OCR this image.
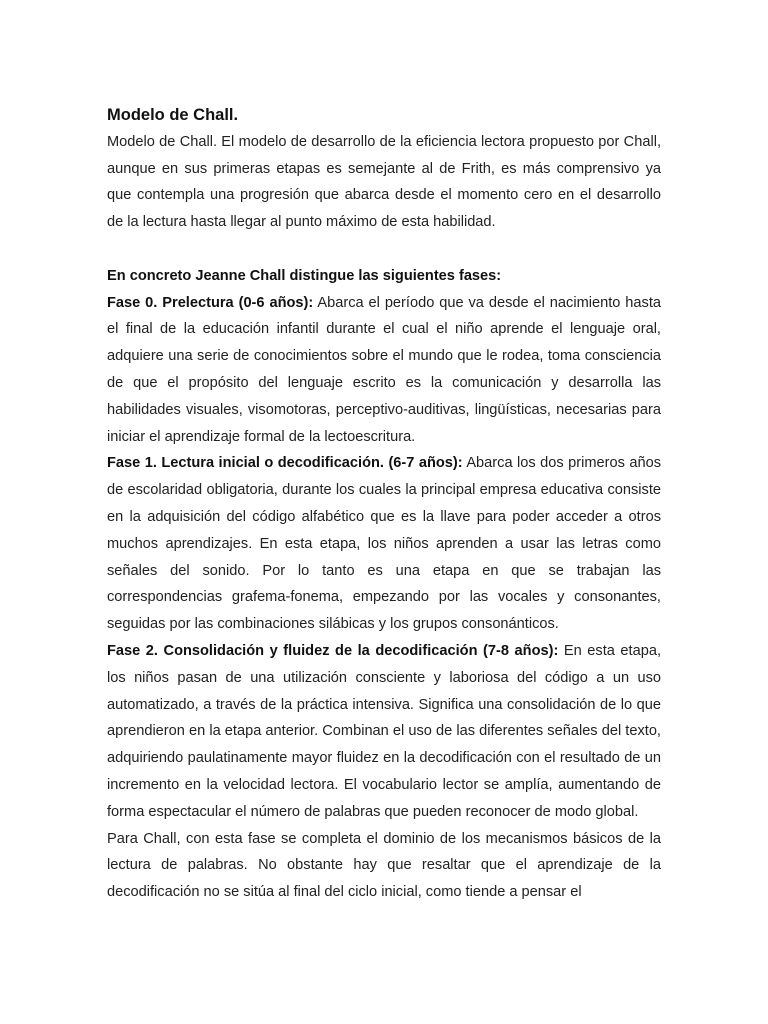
Modelo de Chall.

Modelo de Chall. El modelo de desarrollo de la eficiencia lectora propuesto por Chall, aunque en sus primeras etapas es semejante al de Frith, es más comprensivo ya que contempla una progresión que abarca desde el momento cero en el desarrollo de la lectura hasta llegar al punto máximo de esta habilidad.

En concreto Jeanne Chall distingue las siguientes fases:

Fase 0. Prelectura (0-6 años): Abarca el período que va desde el nacimiento hasta el final de la educación infantil durante el cual el niño aprende el lenguaje oral, adquiere una serie de conocimientos sobre el mundo que le rodea, toma consciencia de que el propósito del lenguaje escrito es la comunicación y desarrolla las habilidades visuales, visomotoras, perceptivo-auditivas, lingüísticas, necesarias para iniciar el aprendizaje formal de la lectoescritura.

Fase 1. Lectura inicial o decodificación. (6-7 años): Abarca los dos primeros años de escolaridad obligatoria, durante los cuales la principal empresa educativa consiste en la adquisición del código alfabético que es la llave para poder acceder a otros muchos aprendizajes. En esta etapa, los niños aprenden a usar las letras como señales del sonido. Por lo tanto es una etapa en que se trabajan las correspondencias grafema-fonema, empezando por las vocales y consonantes, seguidas por las combinaciones silábicas y los grupos consonánticos.

Fase 2. Consolidación y fluidez de la decodificación (7-8 años): En esta etapa, los niños pasan de una utilización consciente y laboriosa del código a un uso automatizado, a través de la práctica intensiva. Significa una consolidación de lo que aprendieron en la etapa anterior. Combinan el uso de las diferentes señales del texto, adquiriendo paulatinamente mayor fluidez en la decodificación con el resultado de un incremento en la velocidad lectora. El vocabulario lector se amplía, aumentando de forma espectacular el número de palabras que pueden reconocer de modo global.

Para Chall, con esta fase se completa el dominio de los mecanismos básicos de la lectura de palabras. No obstante hay que resaltar que el aprendizaje de la decodificación no se sitúa al final del ciclo inicial, como tiende a pensar el
